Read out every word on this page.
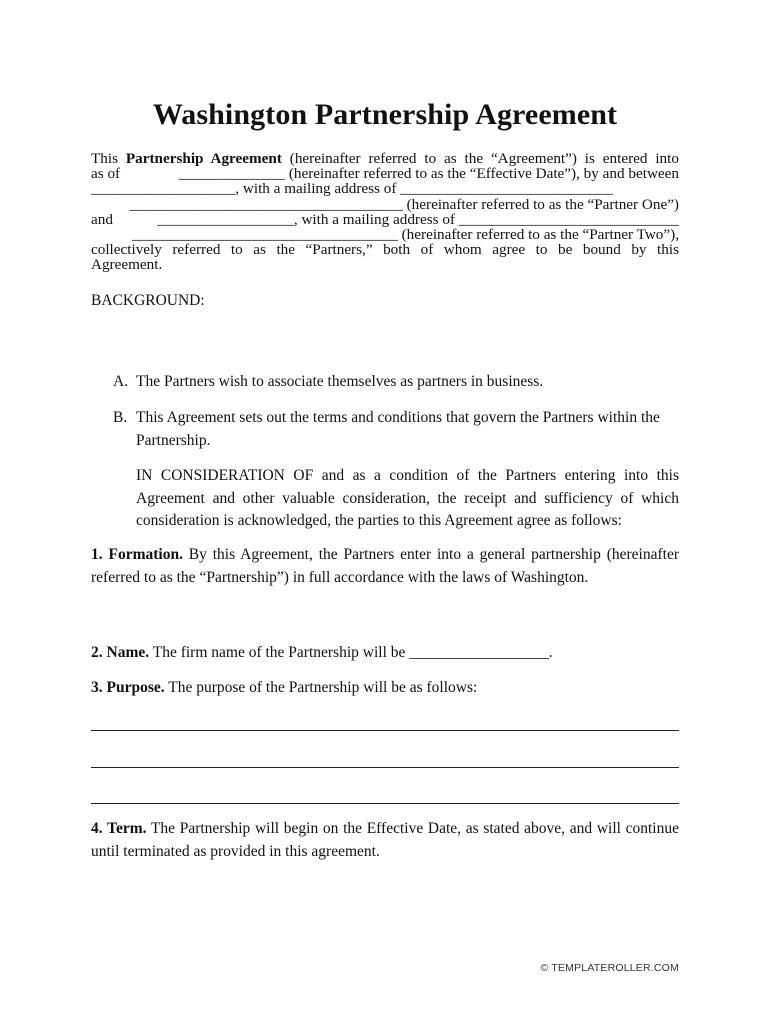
Washington Partnership Agreement
This Partnership Agreement (hereinafter referred to as the “Agreement”) is entered into
as of	______________ (hereinafter referred to as the “Effective Date”), by and between
___________________, with a mailing address of ____________________________
____________________________________ (hereinafter referred to as the “Partner One”)
and	__________________, with a mailing address of _____________________________
___________________________________ (hereinafter referred to as the “Partner Two”),
collectively referred to as the “Partners,” both of whom agree to be bound by this
Agreement.
BACKGROUND:
A. The Partners wish to associate themselves as partners in business.
B. This Agreement sets out the terms and conditions that govern the Partners within the Partnership.
IN CONSIDERATION OF and as a condition of the Partners entering into this Agreement and other valuable consideration, the receipt and sufficiency of which consideration is acknowledged, the parties to this Agreement agree as follows:
1. Formation. By this Agreement, the Partners enter into a general partnership (hereinafter referred to as the “Partnership”) in full accordance with the laws of Washington.
2. Name. The firm name of the Partnership will be __________________.
3. Purpose. The purpose of the Partnership will be as follows:
4. Term. The Partnership will begin on the Effective Date, as stated above, and will continue until terminated as provided in this agreement.
© TEMPLATEROLLER.COM
